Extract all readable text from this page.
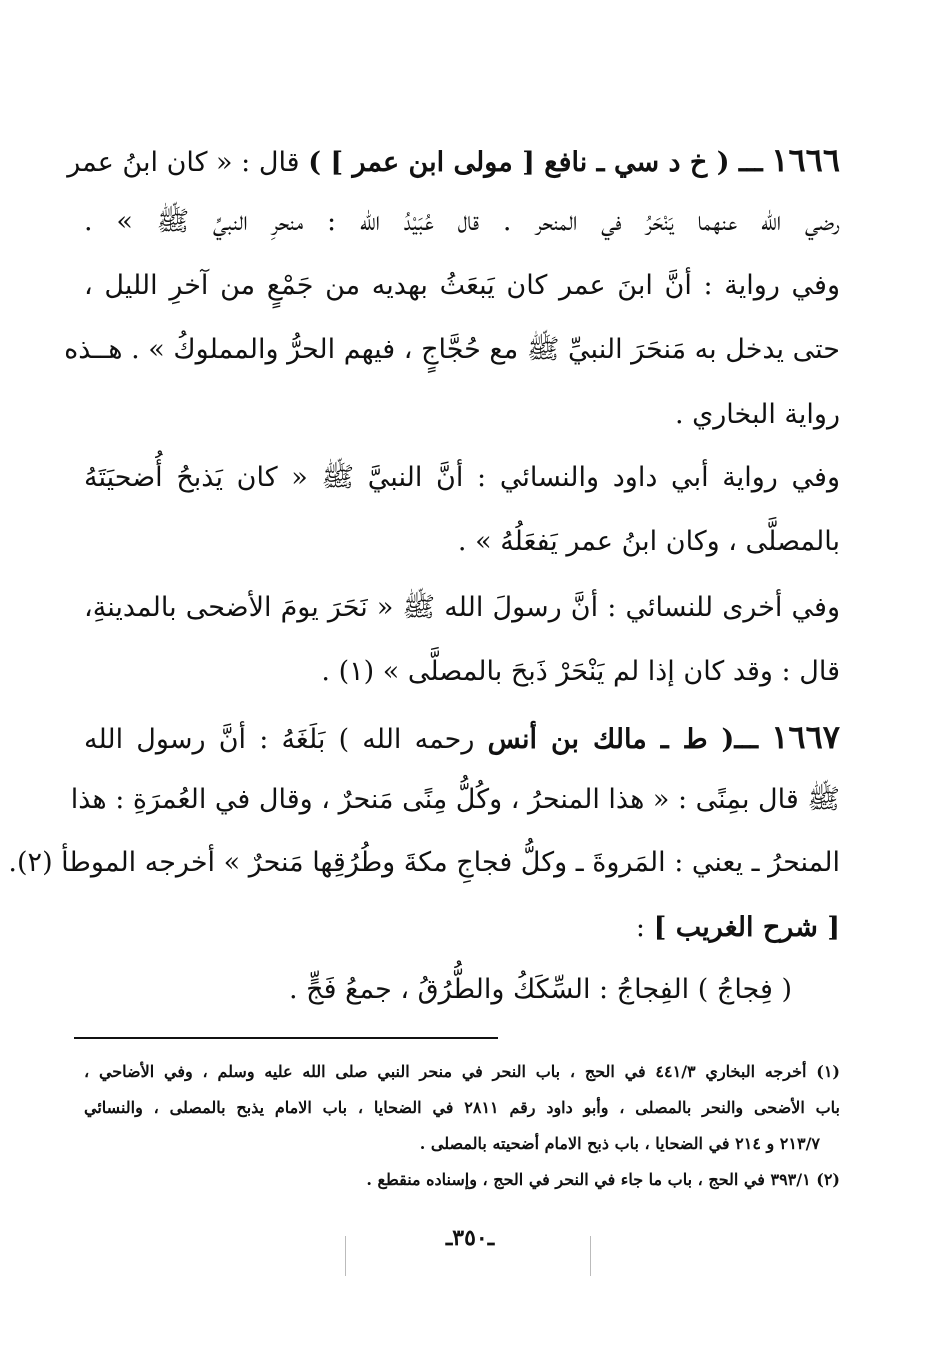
١٦٦٦ ـــ ( خ د سي ـ نافع [ مولى ابن عمر ] ) قال : « كان ابنُ عمر
رضي الله عنهما يَنْحَرُ في المنحر . قال عُبَيْدُ الله : منحرِ النبيِّ ﷺ » .
وفي رواية : أنَّ ابنَ عمر كان يَبعَثُ بهديه من جَمْعٍ من آخرِ الليل ،
حتى يدخل به مَنحَرَ النبيِّ ﷺ مع حُجَّاجٍ ، فيهم الحرُّ والمملوكُ » . هــذه
رواية البخاري .
وفي رواية أبي داود والنسائي : أنَّ النبيَّ ﷺ « كان يَذبحُ أُضحيَتَهُ
بالمصلَّى ، وكان ابنُ عمر يَفعَلُهُ » .
وفي أخرى للنسائي : أنَّ رسولَ الله ﷺ « نَحَرَ يومَ الأضحى بالمدينةِ،
قال : وقد كان إذا لم يَنْحَرْ ذَبحَ بالمصلَّى » (١) .
١٦٦٧ ـــ( ط ـ مالك بن أنس رحمه الله ) بَلَغَهُ : أنَّ رسول الله
ﷺ قال بمِنًى : « هذا المنحرُ ، وكُلُّ مِنًى مَنحرٌ ، وقال في العُمرَةِ : هذا
المنحرُ ـ يعني : المَروةَ ـ وكلُّ فجاجِ مكةَ وطُرُقِها مَنحرٌ » أخرجه الموطأ (٢).
[ شرح الغريب ] :
( فِجاجُ ) الفِجاجُ : السِّكَكُ والطُّرُقُ ، جمعُ فَجٍّ .
(١) أخرجه البخاري ٤٤١/٣ في الحج ، باب النحر في منحر النبي صلى الله عليه وسلم ، وفي الأضاحي ،
باب الأضحى والنحر بالمصلى ، وأبو داود رقم ٢٨١١ في الضحايا ، باب الامام يذبح بالمصلى ، والنسائي
٢١٣/٧ و ٢١٤ في الضحايا ، باب ذبح الامام أضحيته بالمصلى .
(٢) ٣٩٣/١ في الحج ، باب ما جاء في النحر في الحج ، وإسناده منقطع .
ـ٣٥٠ـ
